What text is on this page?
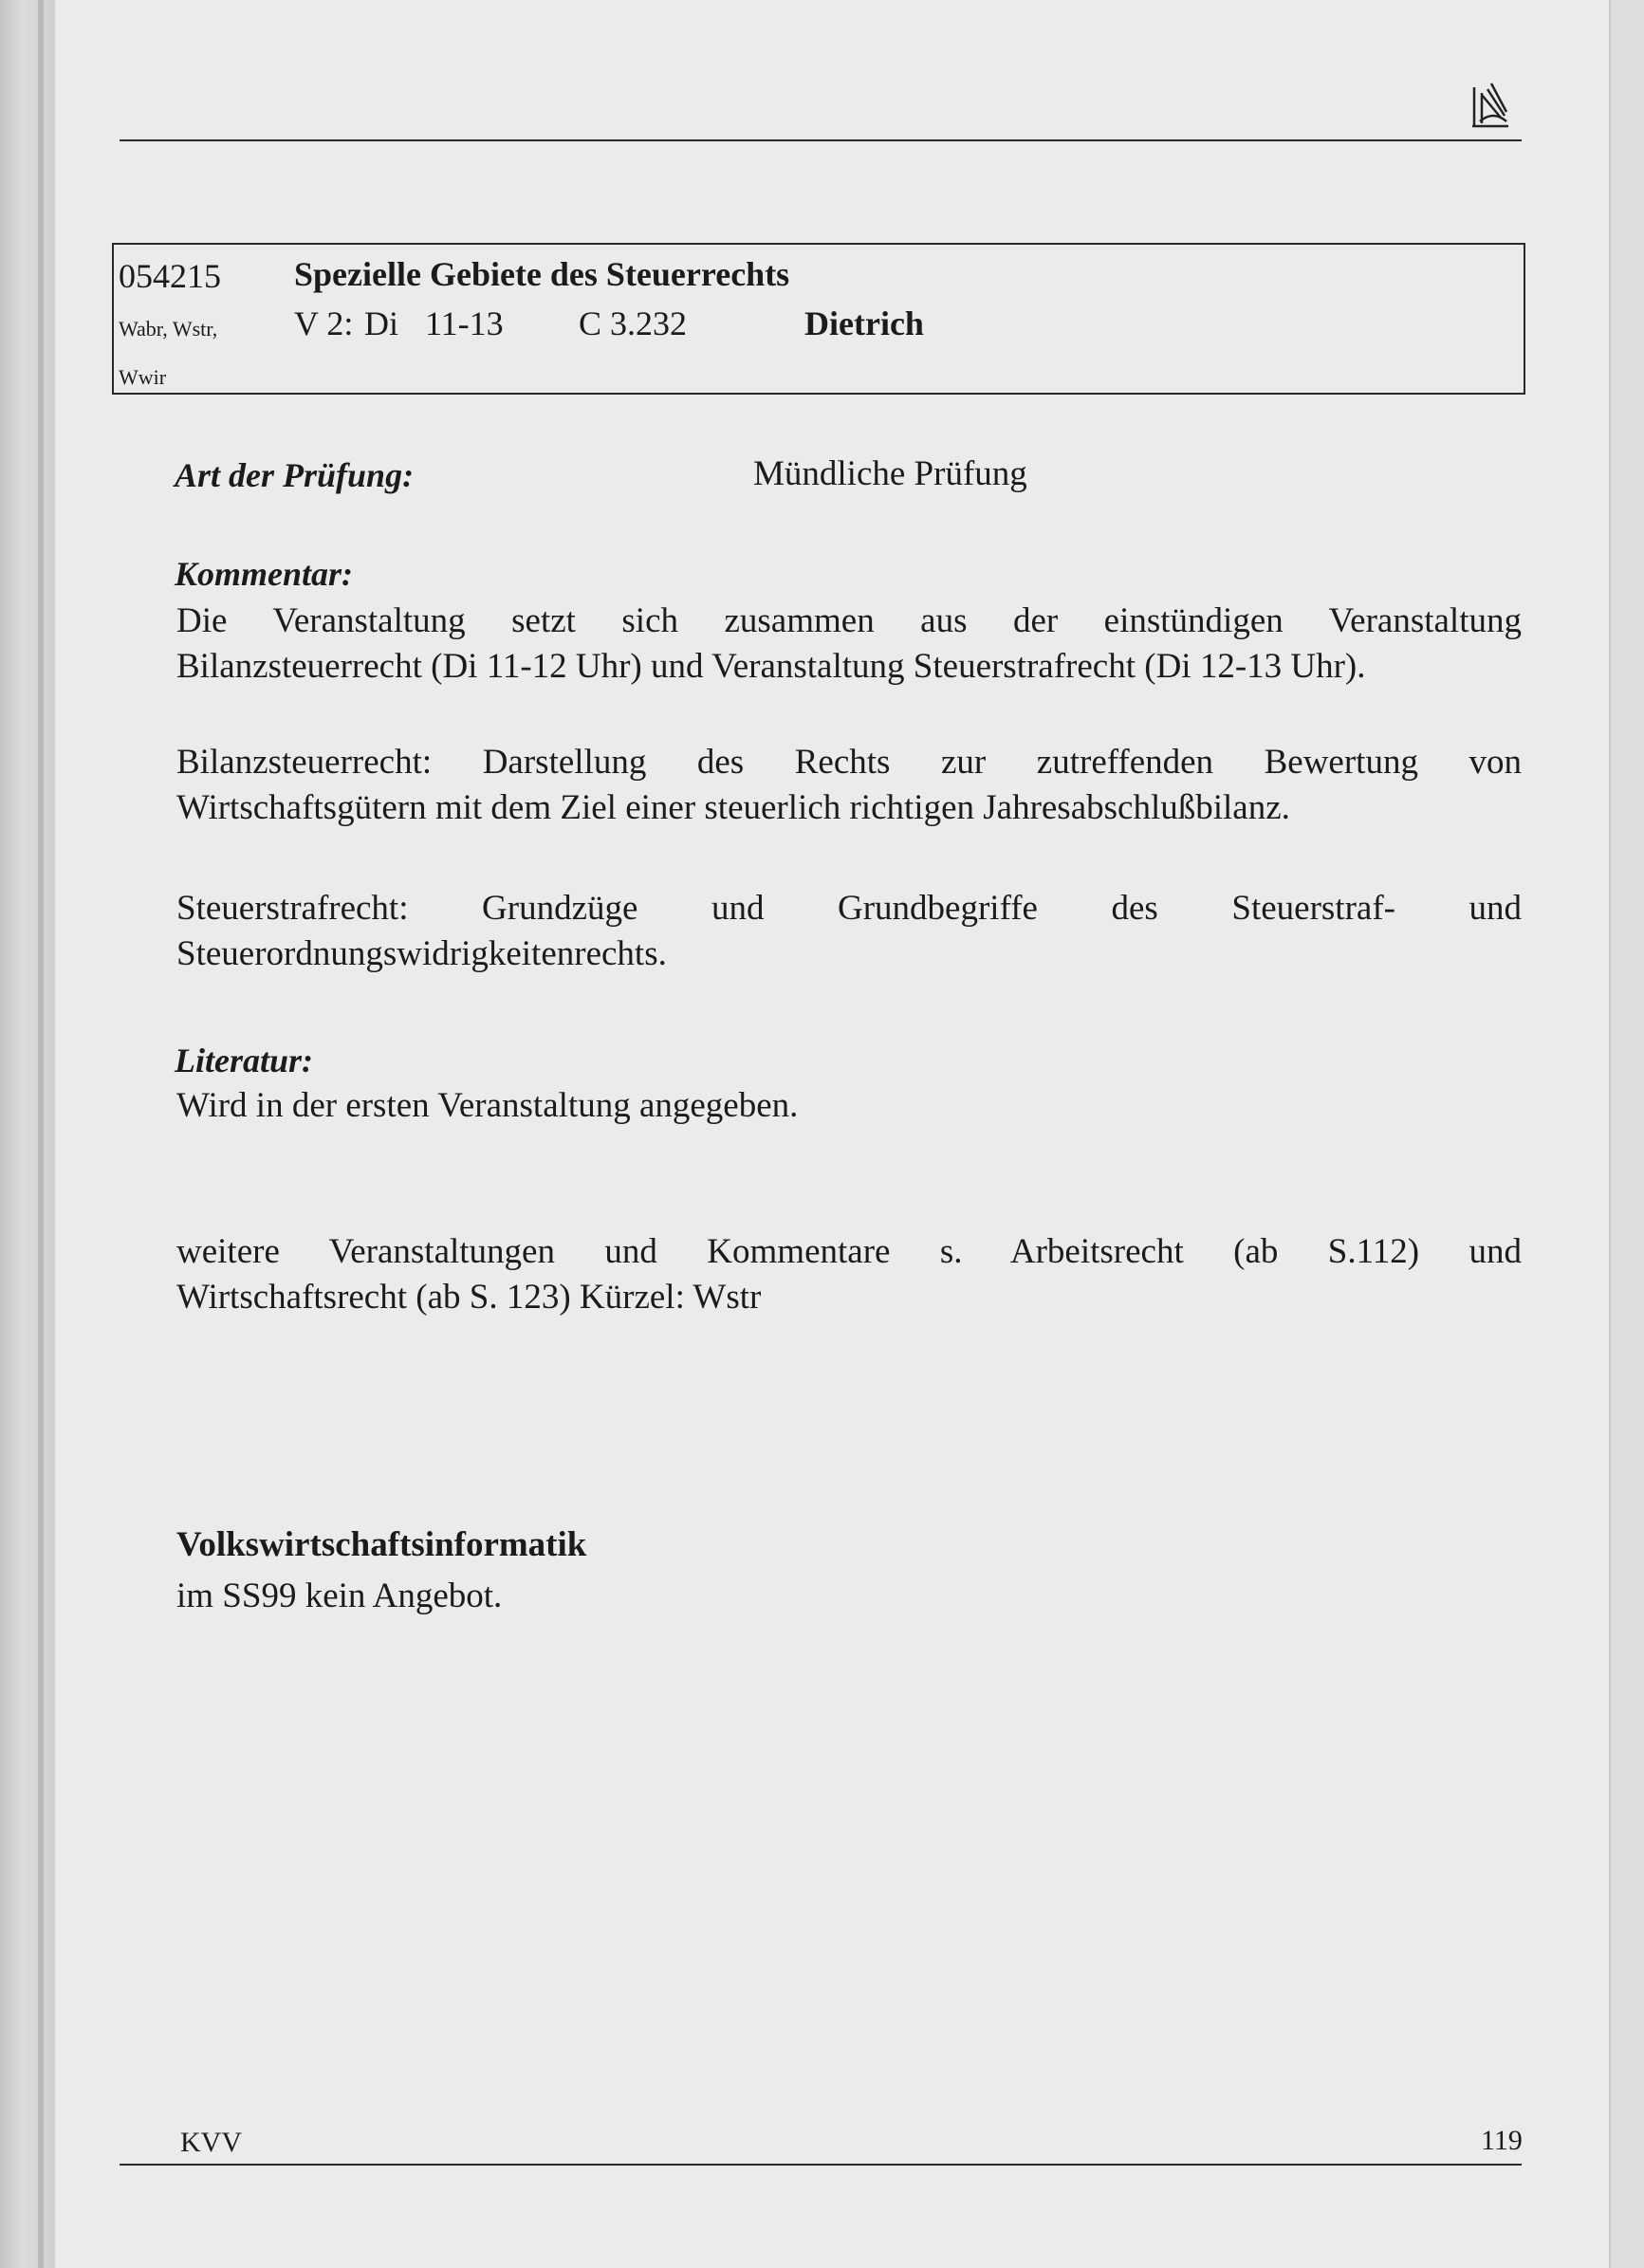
054215 Spezielle Gebiete des Steuerrechts
Wabr, Wstr,
Wwir
V 2: Di 11-13 C 3.232	Dietrich
Art der Prüfung:	Mündliche Prüfung
Kommentar:
Die Veranstaltung setzt sich zusammen aus der einstündigen Veranstaltung
Bilanzsteuerrecht (Di 11-12 Uhr) und Veranstaltung Steuerstrafrecht (Di 12-13 Uhr).
Bilanzsteuerrecht: Darstellung des Rechts zur zutreffenden Bewertung von
Wirtschaftsgütern mit dem Ziel einer steuerlich richtigen Jahresabschlußbilanz.
Steuerstrafrecht: Grundzüge und Grundbegriffe des Steuerstraf- und
Steuerordnungswidrigkeitenrechts.
Literatur:
Wird in der ersten Veranstaltung angegeben.
weitere Veranstaltungen und Kommentare s. Arbeitsrecht (ab S.112) und
Wirtschaftsrecht (ab S. 123) Kürzel: Wstr
Volkswirtschaftsinformatik
im SS99 kein Angebot.
KVV	119
